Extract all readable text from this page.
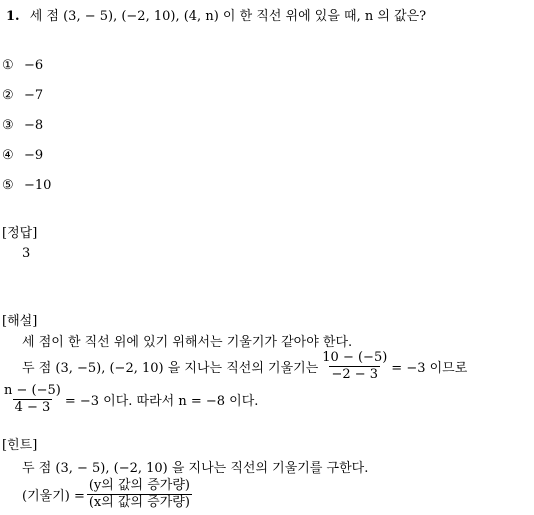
1. 세 점 (3, − 5), (−2, 10), (4, n) 이 한 직선 위에 있을 때, n 의 값은?
① −6
② −7
③ −8
④ −9
⑤ −10
[정답]
3
[해설]
세 점이 한 직선 위에 있기 위해서는 기울기가 같아야 한다.
두 점 (3, −5), (−2, 10) 을 지나는 직선의 기울기는 $\frac{10 - (-5)}{-2 - 3} = -3$ 이므로
$\frac{n - (-5)}{4 - 3} = -3$ 이다. 따라서 n = −8 이다.
[힌트]
두 점 (3, − 5), (−2, 10) 을 지나는 직선의 기울기를 구한다.
(기울기) = $\frac{\text{(y의 값의 증가량)}}{\text{(x의 값의 증가량)}}$
